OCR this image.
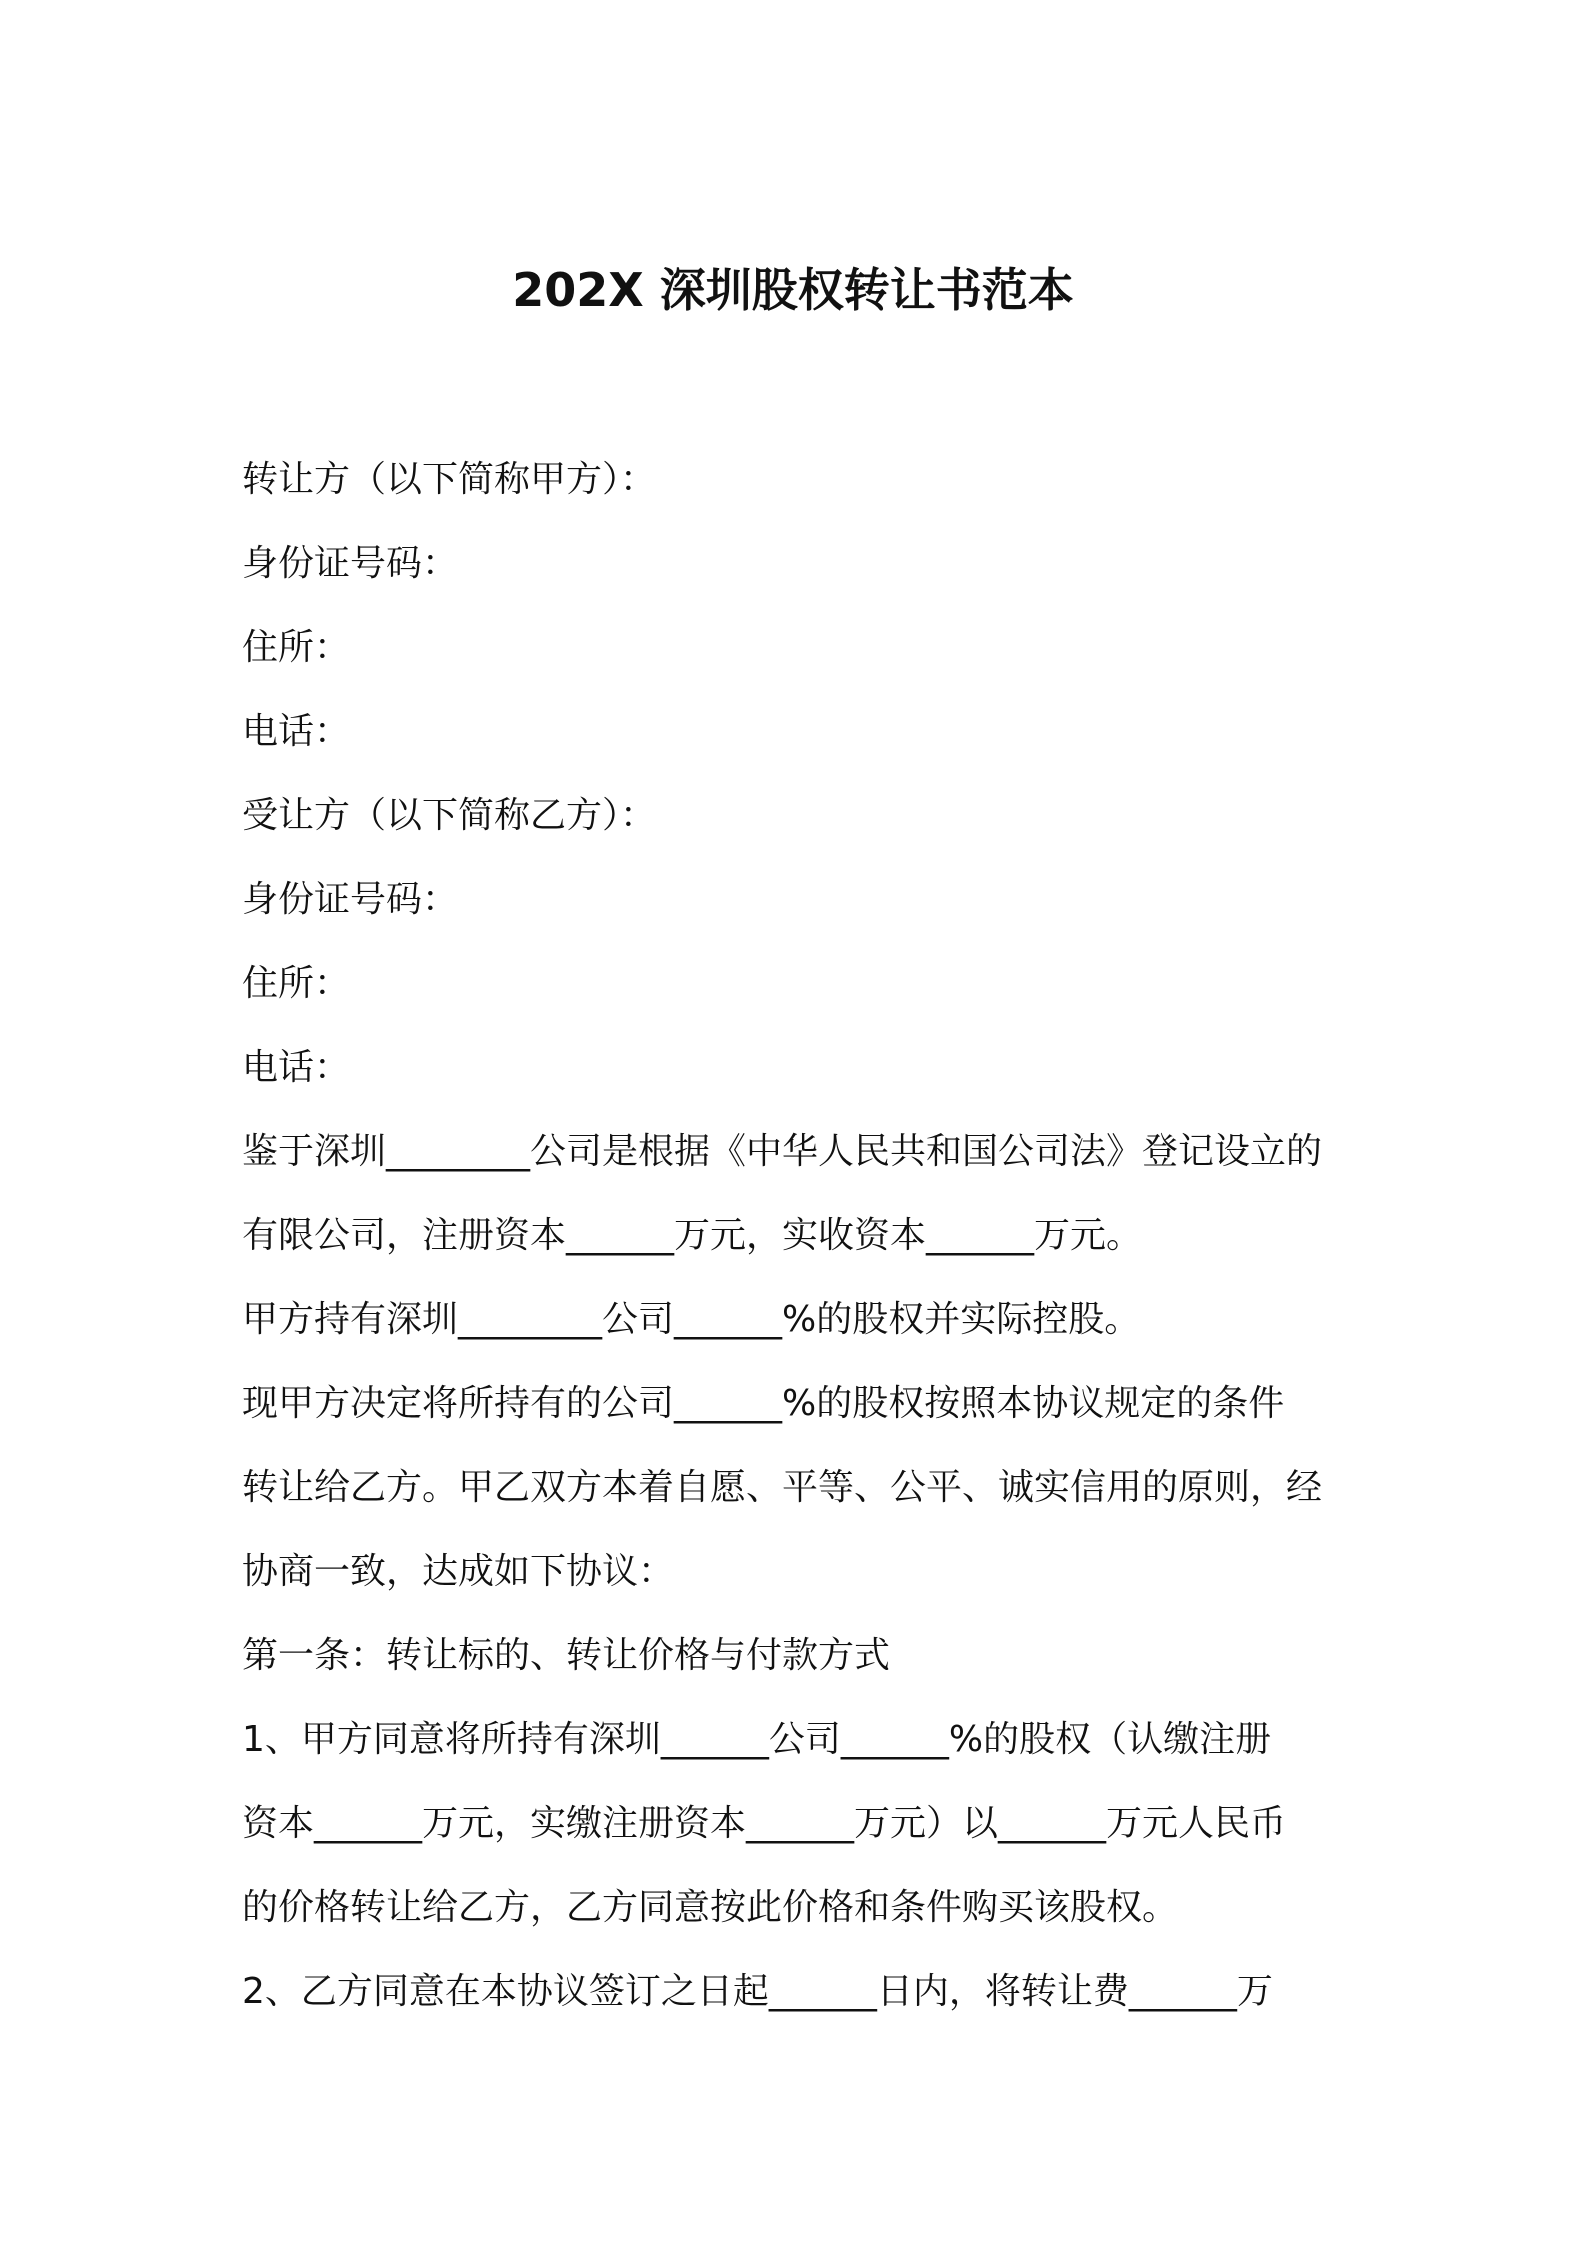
202X 深圳股权转让书范本

转让方（以下简称甲方）：

身份证号码：

住所：

电话：

受让方（以下简称乙方）：

身份证号码：

住所：

电话：

鉴于深圳________公司是根据《中华人民共和国公司法》登记设立的

有限公司，注册资本______万元，实收资本______万元。

甲方持有深圳________公司______%的股权并实际控股。

现甲方决定将所持有的公司______%的股权按照本协议规定的条件

转让给乙方。甲乙双方本着自愿、平等、公平、诚实信用的原则，经

协商一致，达成如下协议：

第一条：转让标的、转让价格与付款方式

1、甲方同意将所持有深圳______公司______%的股权（认缴注册

资本______万元，实缴注册资本______万元）以______万元人民币

的价格转让给乙方，乙方同意按此价格和条件购买该股权。

2、乙方同意在本协议签订之日起______日内，将转让费______万
